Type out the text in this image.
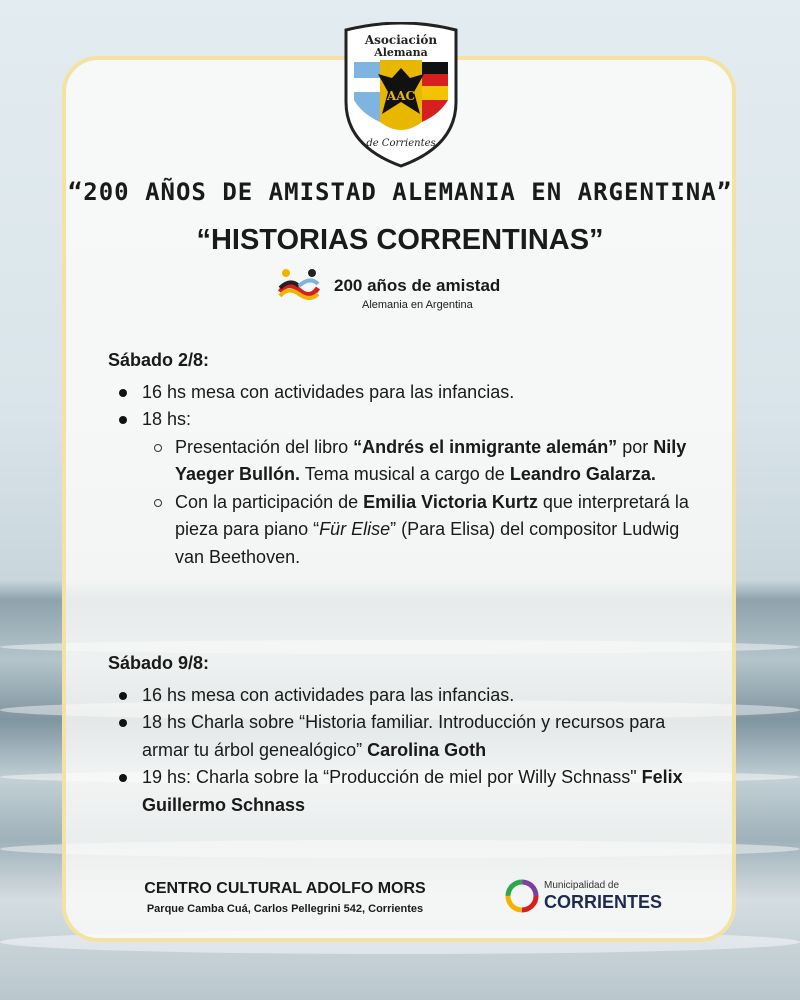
Asociación
Alemana
AAC
de Corrientes
“200 AÑOS DE AMISTAD ALEMANIA EN ARGENTINA”
“HISTORIAS CORRENTINAS”
200 años de amistad
Alemania en Argentina
Sábado 2/8:
16 hs mesa con actividades para las infancias.
18 hs:
Presentación del libro “Andrés el inmigrante alemán” por Nily Yaeger Bullón. Tema musical a cargo de Leandro Galarza.
Con la participación de Emilia Victoria Kurtz que interpretará la pieza para piano “Für Elise” (Para Elisa) del compositor Ludwig van Beethoven.
Sábado 9/8:
16 hs mesa con actividades para las infancias.
18 hs Charla sobre “Historia familiar. Introducción y recursos para armar tu árbol genealógico” Carolina Goth
19 hs: Charla sobre la “Producción de miel por Willy Schnass" Felix Guillermo Schnass
CENTRO CULTURAL ADOLFO MORS
Parque Camba Cuá, Carlos Pellegrini 542, Corrientes
Municipalidad de
CORRIENTES
